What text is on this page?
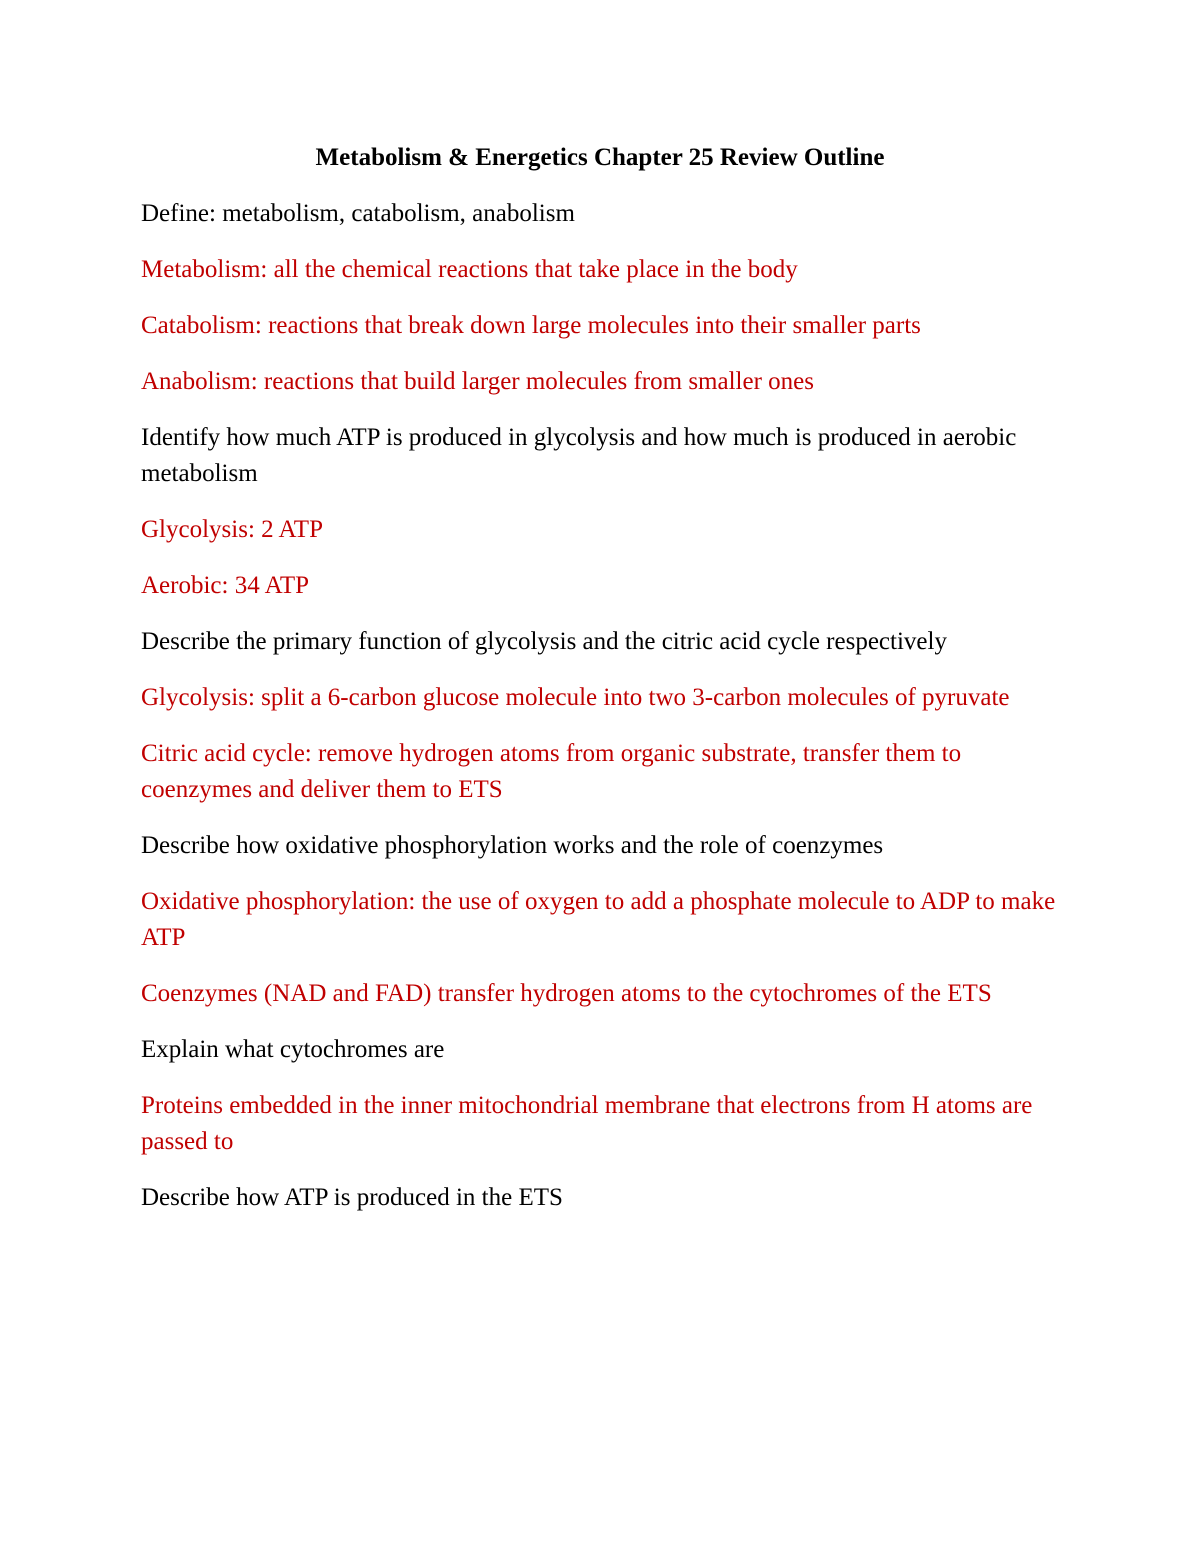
Metabolism & Energetics Chapter 25 Review Outline

Define: metabolism, catabolism, anabolism

Metabolism: all the chemical reactions that take place in the body

Catabolism: reactions that break down large molecules into their smaller parts

Anabolism: reactions that build larger molecules from smaller ones

Identify how much ATP is produced in glycolysis and how much is produced in aerobic metabolism

Glycolysis: 2 ATP

Aerobic: 34 ATP

Describe the primary function of glycolysis and the citric acid cycle respectively

Glycolysis: split a 6-carbon glucose molecule into two 3-carbon molecules of pyruvate

Citric acid cycle: remove hydrogen atoms from organic substrate, transfer them to coenzymes and deliver them to ETS

Describe how oxidative phosphorylation works and the role of coenzymes

Oxidative phosphorylation: the use of oxygen to add a phosphate molecule to ADP to make ATP

Coenzymes (NAD and FAD) transfer hydrogen atoms to the cytochromes of the ETS

Explain what cytochromes are

Proteins embedded in the inner mitochondrial membrane that electrons from H atoms are passed to

Describe how ATP is produced in the ETS
